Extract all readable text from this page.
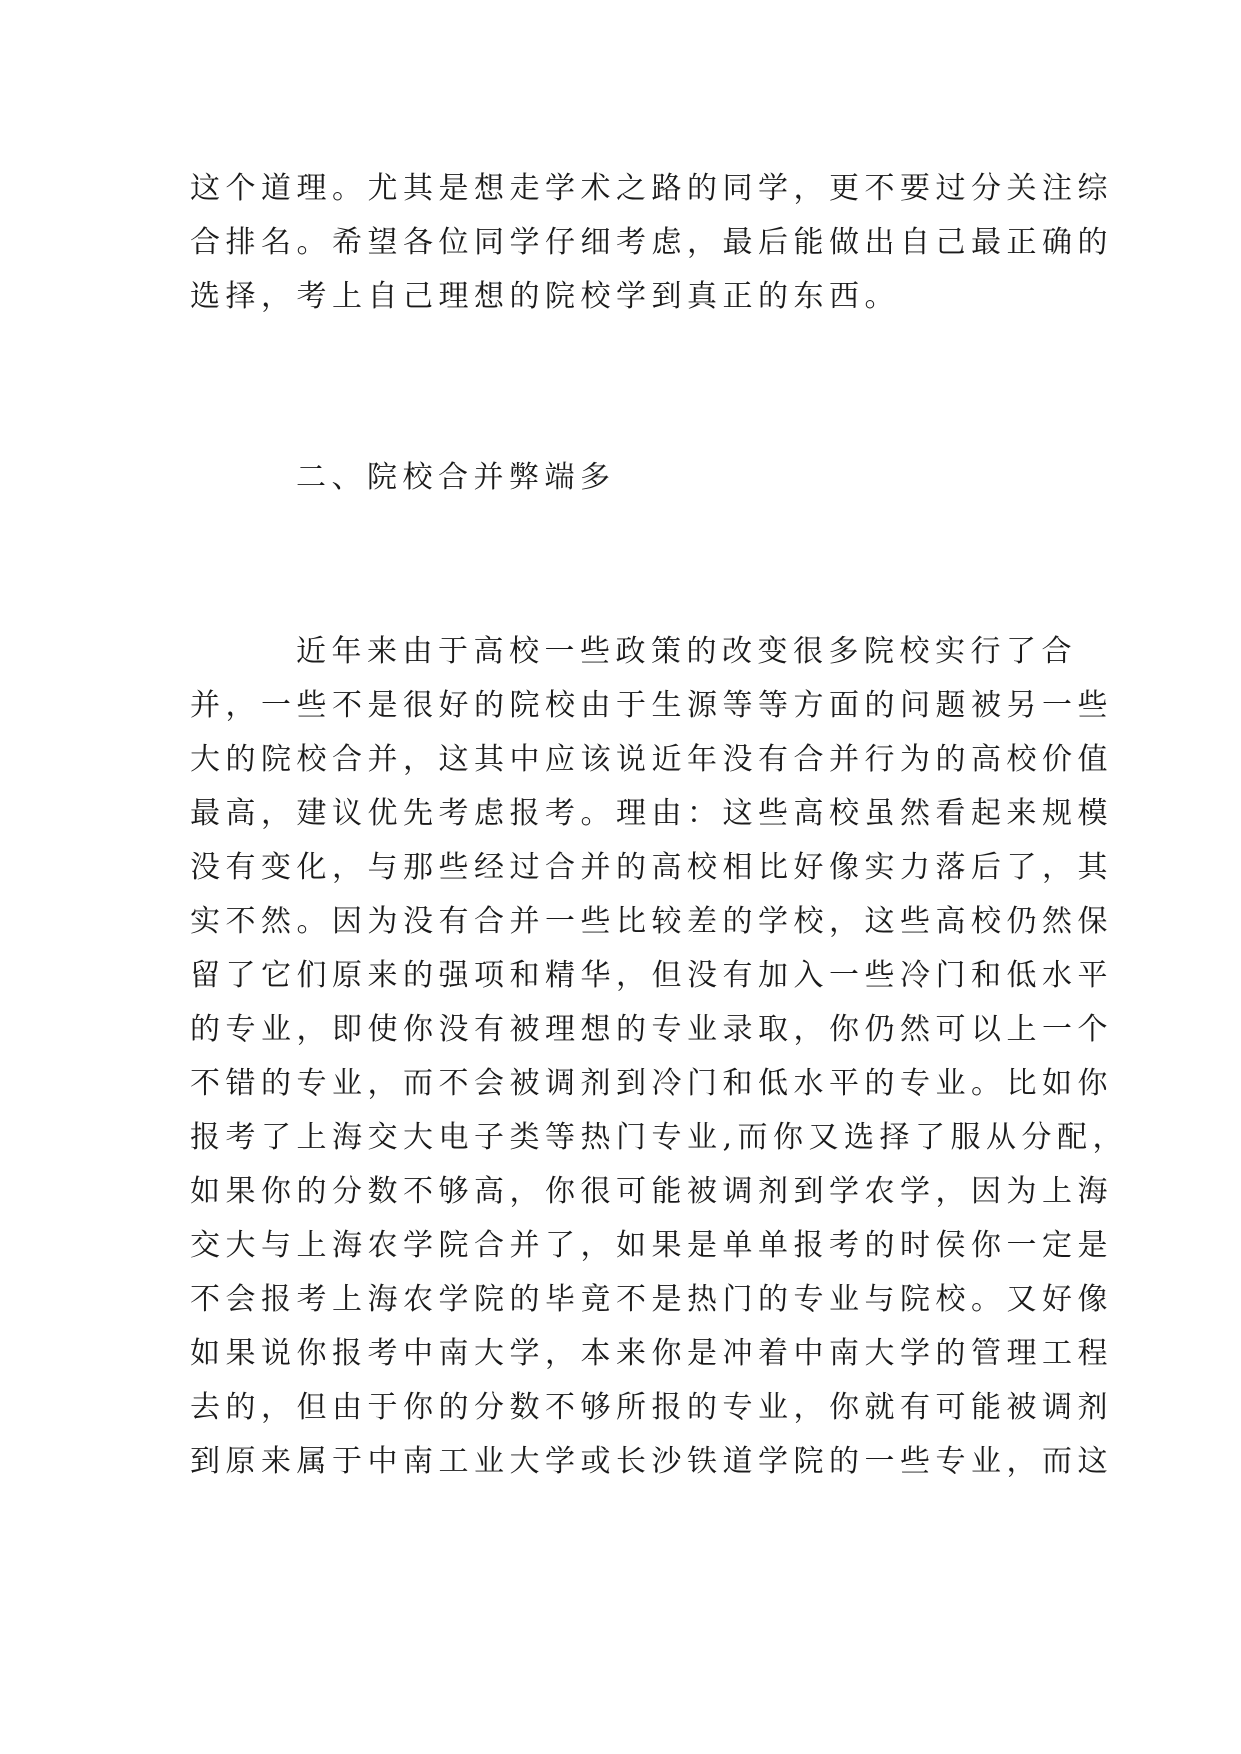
这个道理。尤其是想走学术之路的同学，更不要过分关注综
合排名。希望各位同学仔细考虑，最后能做出自己最正确的
选择，考上自己理想的院校学到真正的东西。
二、院校合并弊端多
近年来由于高校一些政策的改变很多院校实行了合
并，一些不是很好的院校由于生源等等方面的问题被另一些
大的院校合并，这其中应该说近年没有合并行为的高校价值
最高，建议优先考虑报考。理由：这些高校虽然看起来规模
没有变化，与那些经过合并的高校相比好像实力落后了，其
实不然。因为没有合并一些比较差的学校，这些高校仍然保
留了它们原来的强项和精华，但没有加入一些冷门和低水平
的专业，即使你没有被理想的专业录取，你仍然可以上一个
不错的专业，而不会被调剂到冷门和低水平的专业。比如你
报考了上海交大电子类等热门专业,而你又选择了服从分配，
如果你的分数不够高，你很可能被调剂到学农学，因为上海
交大与上海农学院合并了，如果是单单报考的时侯你一定是
不会报考上海农学院的毕竟不是热门的专业与院校。又好像
如果说你报考中南大学，本来你是冲着中南大学的管理工程
去的，但由于你的分数不够所报的专业，你就有可能被调剂
到原来属于中南工业大学或长沙铁道学院的一些专业，而这
